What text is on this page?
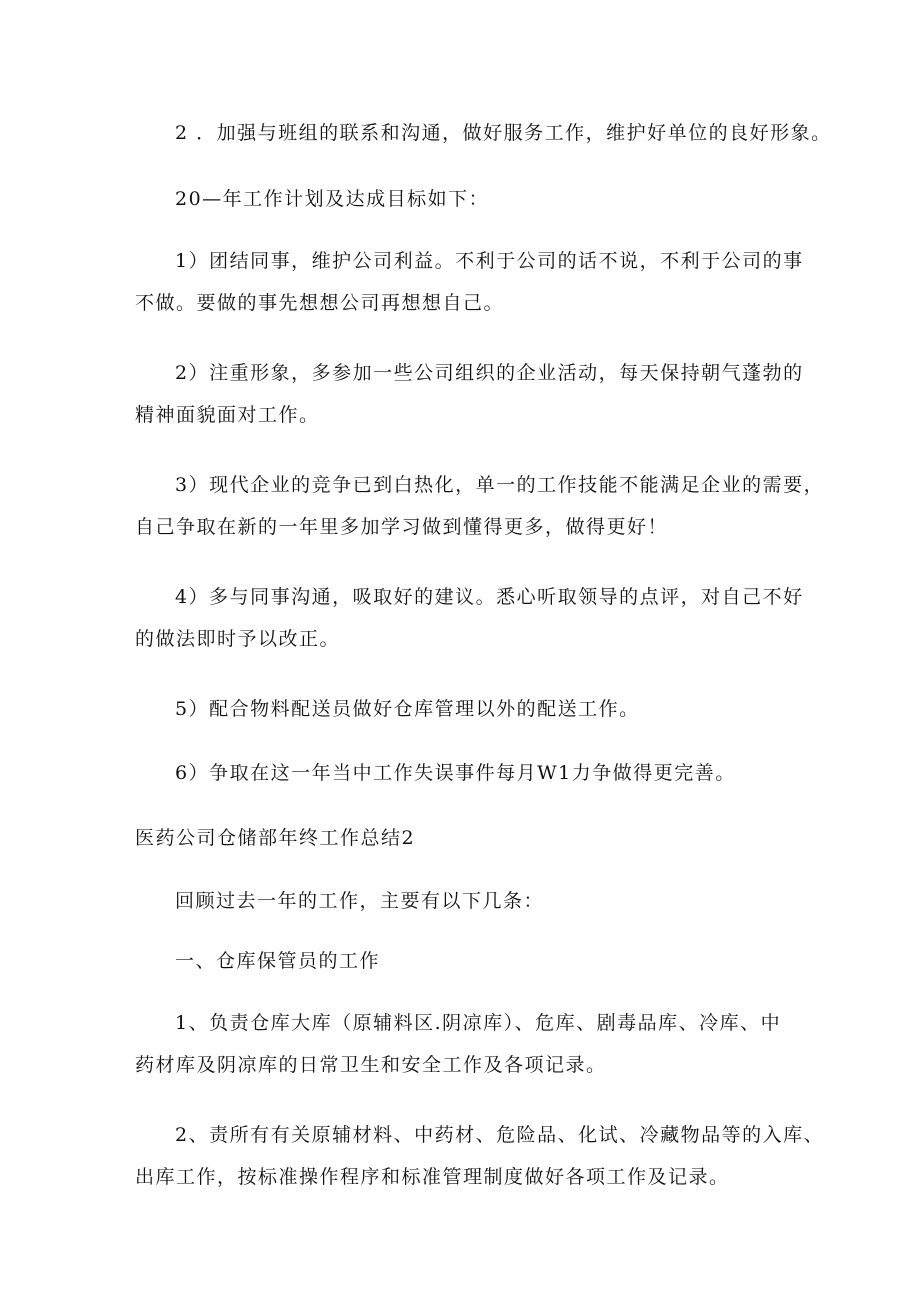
2 ．加强与班组的联系和沟通，做好服务工作，维护好单位的良好形象。

20—年工作计划及达成目标如下：

1）团结同事，维护公司利益。不利于公司的话不说，不利于公司的事
不做。要做的事先想想公司再想想自己。

2）注重形象，多参加一些公司组织的企业活动，每天保持朝气蓬勃的
精神面貌面对工作。

3）现代企业的竞争已到白热化，单一的工作技能不能满足企业的需要，
自己争取在新的一年里多加学习做到懂得更多，做得更好！

4）多与同事沟通，吸取好的建议。悉心听取领导的点评，对自己不好
的做法即时予以改正。

5）配合物料配送员做好仓库管理以外的配送工作。

6）争取在这一年当中工作失误事件每月W1力争做得更完善。

医药公司仓储部年终工作总结2

回顾过去一年的工作，主要有以下几条：

一、仓库保管员的工作

1、负责仓库大库（原辅料区.阴凉库）、危库、剧毒品库、冷库、中
药材库及阴凉库的日常卫生和安全工作及各项记录。

2、责所有有关原辅材料、中药材、危险品、化试、冷藏物品等的入库、
出库工作，按标准操作程序和标准管理制度做好各项工作及记录。
